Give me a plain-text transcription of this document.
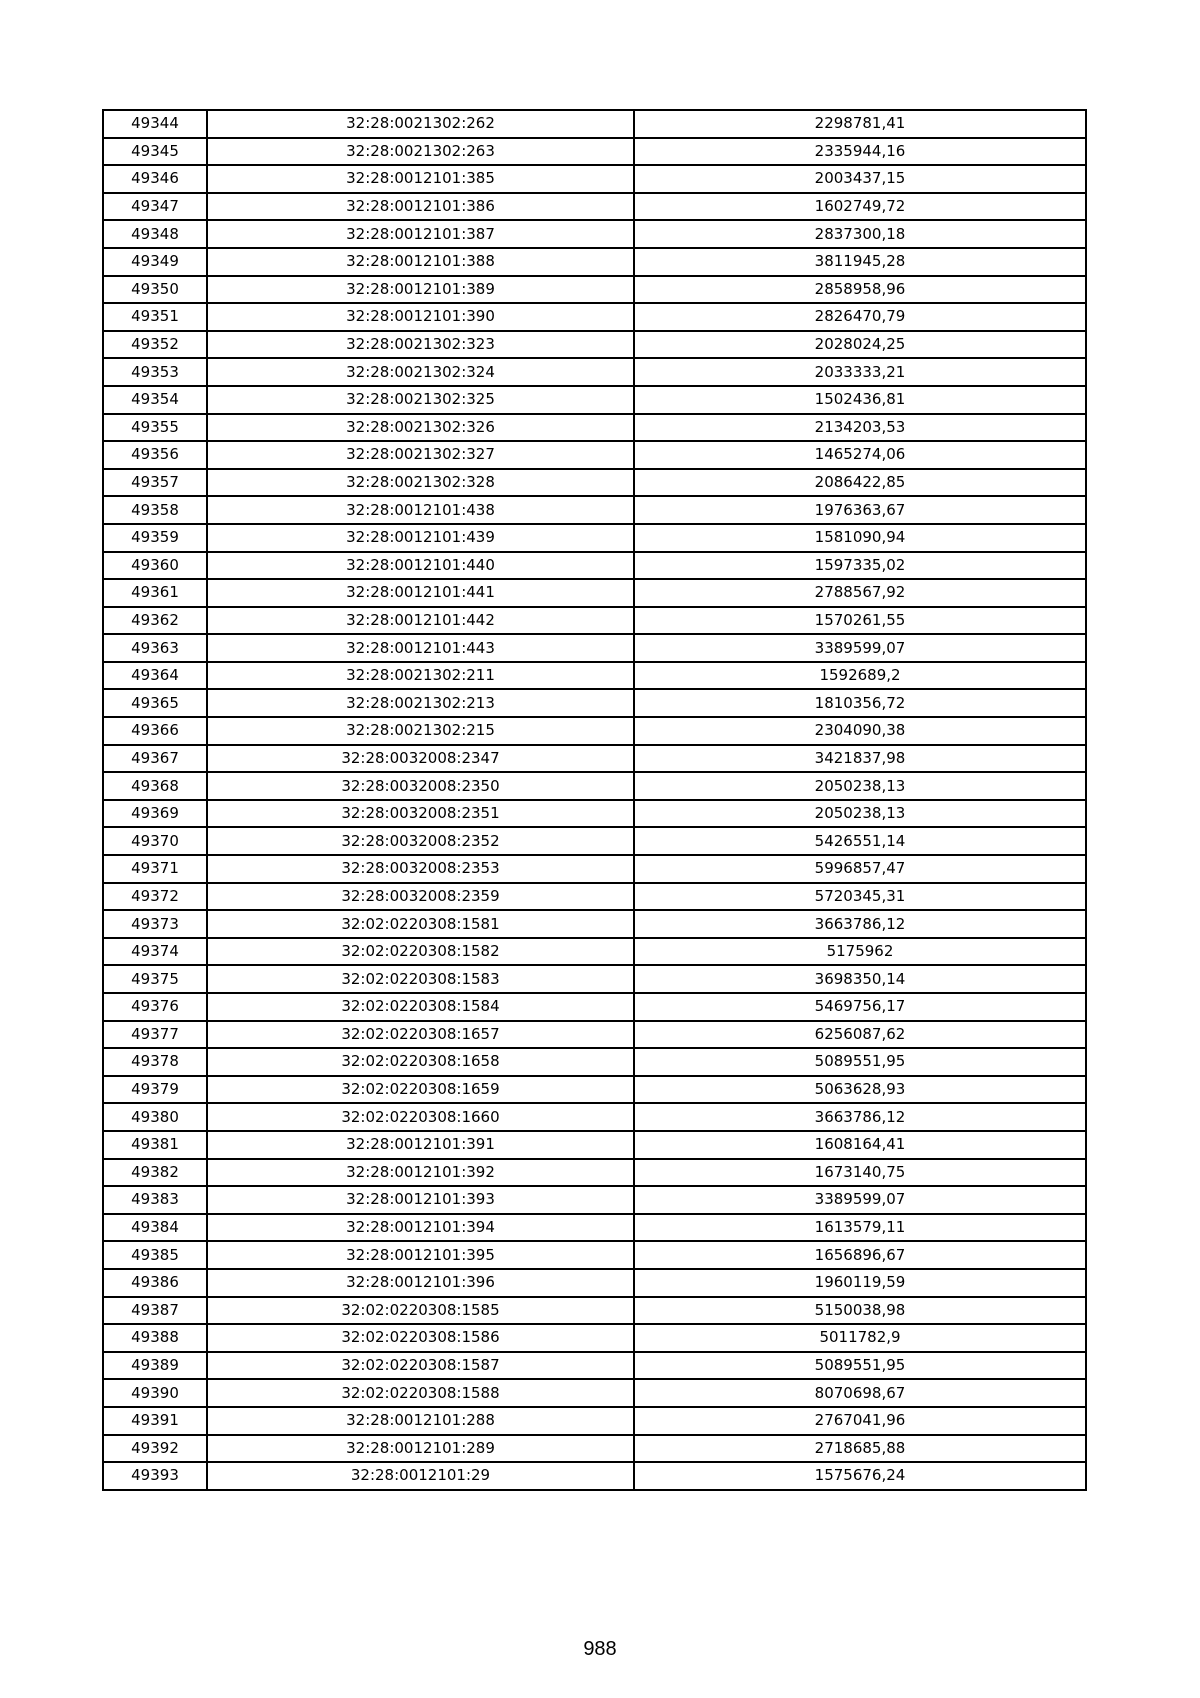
49344	32:28:0021302:262	2298781,41
49345	32:28:0021302:263	2335944,16
49346	32:28:0012101:385	2003437,15
49347	32:28:0012101:386	1602749,72
49348	32:28:0012101:387	2837300,18
49349	32:28:0012101:388	3811945,28
49350	32:28:0012101:389	2858958,96
49351	32:28:0012101:390	2826470,79
49352	32:28:0021302:323	2028024,25
49353	32:28:0021302:324	2033333,21
49354	32:28:0021302:325	1502436,81
49355	32:28:0021302:326	2134203,53
49356	32:28:0021302:327	1465274,06
49357	32:28:0021302:328	2086422,85
49358	32:28:0012101:438	1976363,67
49359	32:28:0012101:439	1581090,94
49360	32:28:0012101:440	1597335,02
49361	32:28:0012101:441	2788567,92
49362	32:28:0012101:442	1570261,55
49363	32:28:0012101:443	3389599,07
49364	32:28:0021302:211	1592689,2
49365	32:28:0021302:213	1810356,72
49366	32:28:0021302:215	2304090,38
49367	32:28:0032008:2347	3421837,98
49368	32:28:0032008:2350	2050238,13
49369	32:28:0032008:2351	2050238,13
49370	32:28:0032008:2352	5426551,14
49371	32:28:0032008:2353	5996857,47
49372	32:28:0032008:2359	5720345,31
49373	32:02:0220308:1581	3663786,12
49374	32:02:0220308:1582	5175962
49375	32:02:0220308:1583	3698350,14
49376	32:02:0220308:1584	5469756,17
49377	32:02:0220308:1657	6256087,62
49378	32:02:0220308:1658	5089551,95
49379	32:02:0220308:1659	5063628,93
49380	32:02:0220308:1660	3663786,12
49381	32:28:0012101:391	1608164,41
49382	32:28:0012101:392	1673140,75
49383	32:28:0012101:393	3389599,07
49384	32:28:0012101:394	1613579,11
49385	32:28:0012101:395	1656896,67
49386	32:28:0012101:396	1960119,59
49387	32:02:0220308:1585	5150038,98
49388	32:02:0220308:1586	5011782,9
49389	32:02:0220308:1587	5089551,95
49390	32:02:0220308:1588	8070698,67
49391	32:28:0012101:288	2767041,96
49392	32:28:0012101:289	2718685,88
49393	32:28:0012101:29	1575676,24
988
